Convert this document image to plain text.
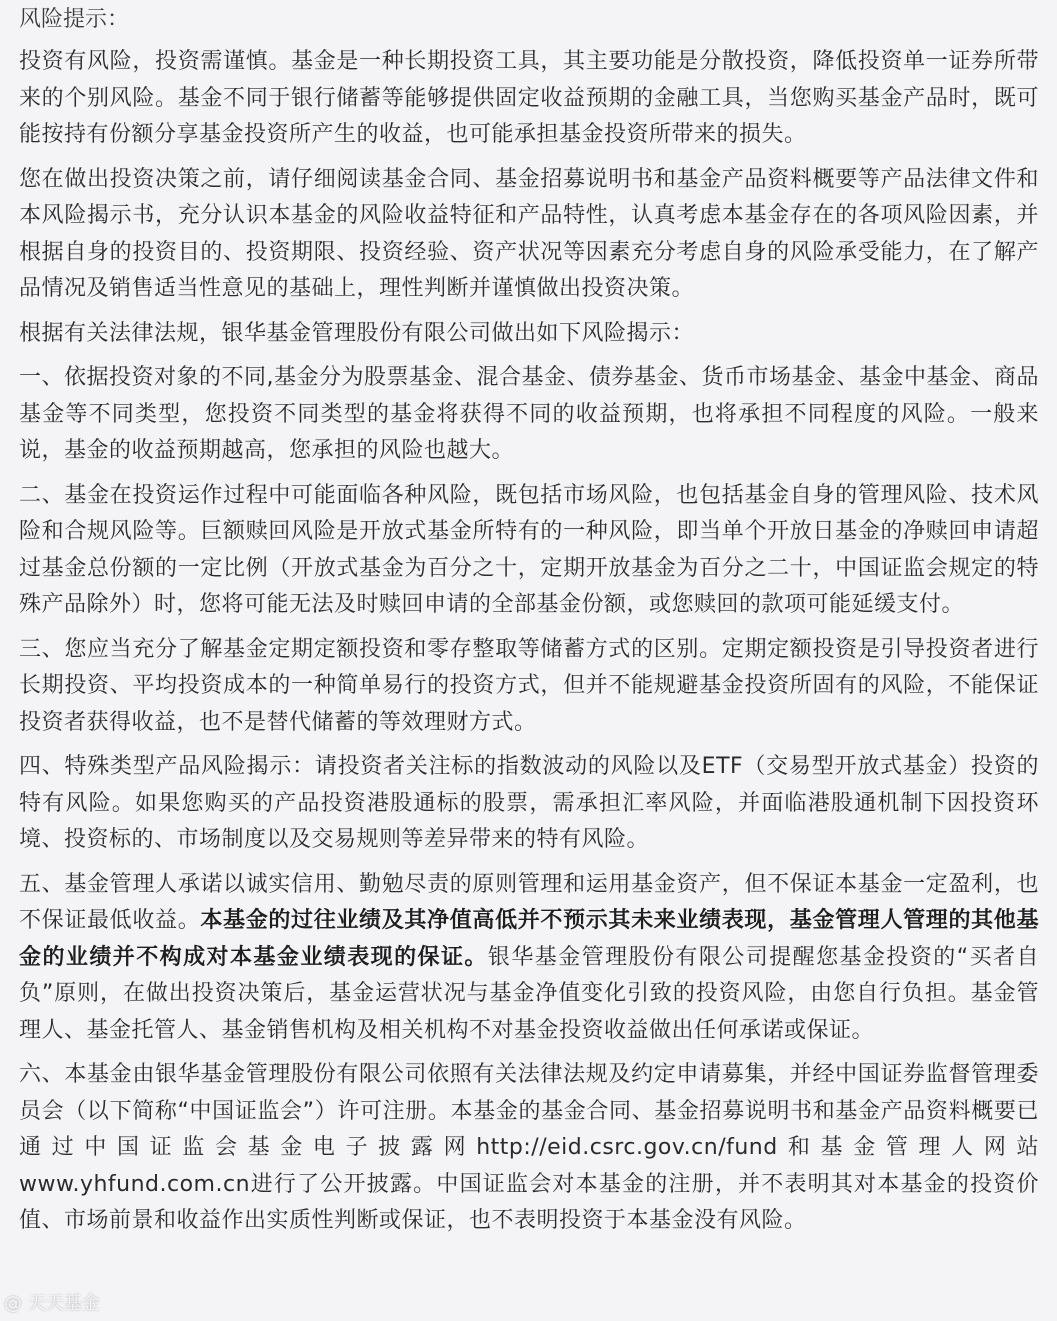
风险提示：

投资有风险，投资需谨慎。基金是一种长期投资工具，其主要功能是分散投资，降低投资单一证券所带来的个别风险。基金不同于银行储蓄等能够提供固定收益预期的金融工具，当您购买基金产品时，既可能按持有份额分享基金投资所产生的收益，也可能承担基金投资所带来的损失。

您在做出投资决策之前，请仔细阅读基金合同、基金招募说明书和基金产品资料概要等产品法律文件和本风险揭示书，充分认识本基金的风险收益特征和产品特性，认真考虑本基金存在的各项风险因素，并根据自身的投资目的、投资期限、投资经验、资产状况等因素充分考虑自身的风险承受能力，在了解产品情况及销售适当性意见的基础上，理性判断并谨慎做出投资决策。

根据有关法律法规，银华基金管理股份有限公司做出如下风险揭示：

一、依据投资对象的不同,基金分为股票基金、混合基金、债券基金、货币市场基金、基金中基金、商品基金等不同类型，您投资不同类型的基金将获得不同的收益预期，也将承担不同程度的风险。一般来说，基金的收益预期越高，您承担的风险也越大。

二、基金在投资运作过程中可能面临各种风险，既包括市场风险，也包括基金自身的管理风险、技术风险和合规风险等。巨额赎回风险是开放式基金所特有的一种风险，即当单个开放日基金的净赎回申请超过基金总份额的一定比例（开放式基金为百分之十，定期开放基金为百分之二十，中国证监会规定的特殊产品除外）时，您将可能无法及时赎回申请的全部基金份额，或您赎回的款项可能延缓支付。

三、您应当充分了解基金定期定额投资和零存整取等储蓄方式的区别。定期定额投资是引导投资者进行长期投资、平均投资成本的一种简单易行的投资方式，但并不能规避基金投资所固有的风险，不能保证投资者获得收益，也不是替代储蓄的等效理财方式。

四、特殊类型产品风险揭示：请投资者关注标的指数波动的风险以及ETF（交易型开放式基金）投资的特有风险。如果您购买的产品投资港股通标的股票，需承担汇率风险，并面临港股通机制下因投资环境、投资标的、市场制度以及交易规则等差异带来的特有风险。

五、基金管理人承诺以诚实信用、勤勉尽责的原则管理和运用基金资产，但不保证本基金一定盈利，也不保证最低收益。本基金的过往业绩及其净值高低并不预示其未来业绩表现，基金管理人管理的其他基金的业绩并不构成对本基金业绩表现的保证。银华基金管理股份有限公司提醒您基金投资的“买者自负”原则，在做出投资决策后，基金运营状况与基金净值变化引致的投资风险，由您自行负担。基金管理人、基金托管人、基金销售机构及相关机构不对基金投资收益做出任何承诺或保证。

六、本基金由银华基金管理股份有限公司依照有关法律法规及约定申请募集，并经中国证券监督管理委员会（以下简称“中国证监会”）许可注册。本基金的基金合同、基金招募说明书和基金产品资料概要已通过中国证监会基金电子披露网http://eid.csrc.gov.cn/fund和基金管理人网站www.yhfund.com.cn进行了公开披露。中国证监会对本基金的注册，并不表明其对本基金的投资价值、市场前景和收益作出实质性判断或保证，也不表明投资于本基金没有风险。

@ 天天基金
